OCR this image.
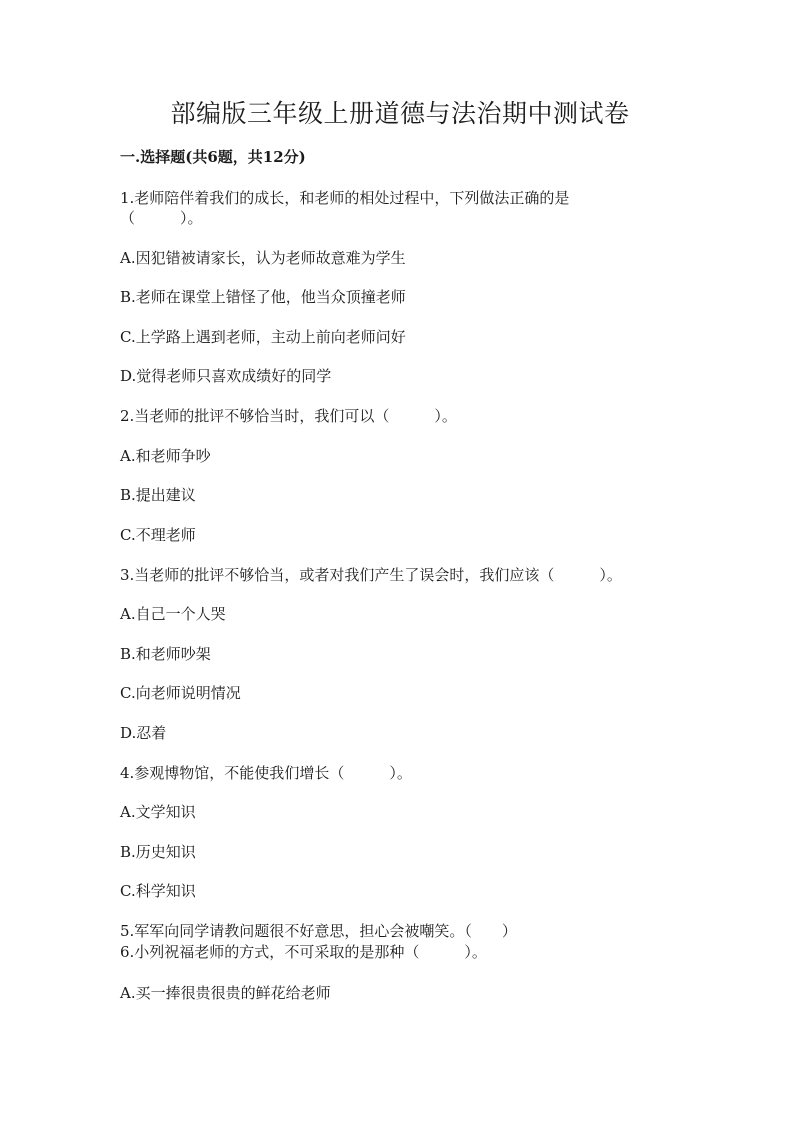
部编版三年级上册道德与法治期中测试卷
一.选择题(共6题，共12分)
1.老师陪伴着我们的成长，和老师的相处过程中，下列做法正确的是
（　　　）。
A.因犯错被请家长，认为老师故意难为学生
B.老师在课堂上错怪了他，他当众顶撞老师
C.上学路上遇到老师，主动上前向老师问好
D.觉得老师只喜欢成绩好的同学
2.当老师的批评不够恰当时，我们可以（　　　）。
A.和老师争吵
B.提出建议
C.不理老师
3.当老师的批评不够恰当，或者对我们产生了误会时，我们应该（　　　）。
A.自己一个人哭
B.和老师吵架
C.向老师说明情况
D.忍着
4.参观博物馆，不能使我们增长（　　　）。
A.文学知识
B.历史知识
C.科学知识
5.军军向同学请教问题很不好意思，担心会被嘲笑。（　　）
6.小列祝福老师的方式，不可采取的是那种（　　　）。
A.买一捧很贵很贵的鲜花给老师
